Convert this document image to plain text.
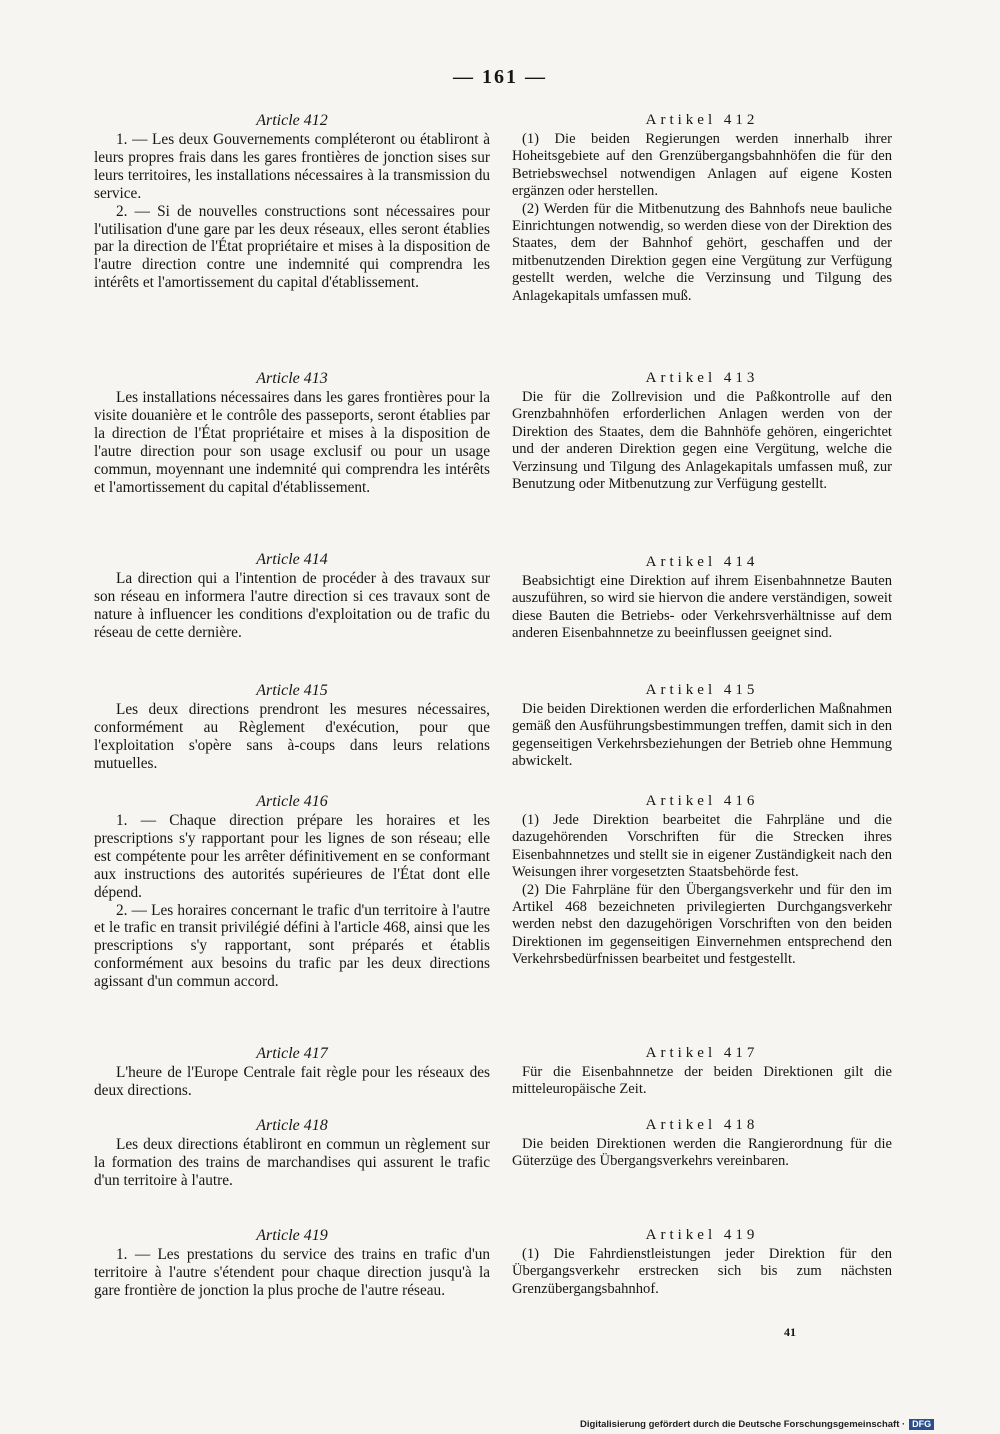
— 161 —

Article 412

1. — Les deux Gouvernements compléteront ou établiront à leurs propres frais dans les gares frontières de jonction sises sur leurs territoires, les installations nécessaires à la transmission du service.

2. — Si de nouvelles constructions sont nécessaires pour l'utilisation d'une gare par les deux réseaux, elles seront établies par la direction de l'État propriétaire et mises à la disposition de l'autre direction contre une indemnité qui comprendra les intérêts et l'amortissement du capital d'établissement.

Artikel 412

(1) Die beiden Regierungen werden innerhalb ihrer Hoheitsgebiete auf den Grenzübergangsbahnhöfen die für den Betriebswechsel notwendigen Anlagen auf eigene Kosten ergänzen oder herstellen.

(2) Werden für die Mitbenutzung des Bahnhofs neue bauliche Einrichtungen notwendig, so werden diese von der Direktion des Staates, dem der Bahnhof gehört, geschaffen und der mitbenutzenden Direktion gegen eine Vergütung zur Verfügung gestellt werden, welche die Verzinsung und Tilgung des Anlagekapitals umfassen muß.

Article 413

Les installations nécessaires dans les gares frontières pour la visite douanière et le contrôle des passeports, seront établies par la direction de l'État propriétaire et mises à la disposition de l'autre direction pour son usage exclusif ou pour un usage commun, moyennant une indemnité qui comprendra les intérêts et l'amortissement du capital d'établissement.

Article 414

La direction qui a l'intention de procéder à des travaux sur son réseau en informera l'autre direction si ces travaux sont de nature à influencer les conditions d'exploitation ou de trafic du réseau de cette dernière.

Article 415

Les deux directions prendront les mesures nécessaires, conformément au Règlement d'exécution, pour que l'exploitation s'opère sans à-coups dans leurs relations mutuelles.

Article 416

1. — Chaque direction prépare les horaires et les prescriptions s'y rapportant pour les lignes de son réseau; elle est compétente pour les arrêter définitivement en se conformant aux instructions des autorités supérieures de l'État dont elle dépend.

2. — Les horaires concernant le trafic d'un territoire à l'autre et le trafic en transit privilégié défini à l'article 468, ainsi que les prescriptions s'y rapportant, sont préparés et établis conformément aux besoins du trafic par les deux directions agissant d'un commun accord.

Article 417

L'heure de l'Europe Centrale fait règle pour les réseaux des deux directions.

Article 418

Les deux directions établiront en commun un règlement sur la formation des trains de marchandises qui assurent le trafic d'un territoire à l'autre.

Article 419

1. — Les prestations du service des trains en trafic d'un territoire à l'autre s'étendent pour chaque direction jusqu'à la gare frontière de jonction la plus proche de l'autre réseau.

Artikel 413

Die für die Zollrevision und die Paßkontrolle auf den Grenzbahnhöfen erforderlichen Anlagen werden von der Direktion des Staates, dem die Bahnhöfe gehören, eingerichtet und der anderen Direktion gegen eine Vergütung, welche die Verzinsung und Tilgung des Anlagekapitals umfassen muß, zur Benutzung oder Mitbenutzung zur Verfügung gestellt.

Artikel 414

Beabsichtigt eine Direktion auf ihrem Eisenbahnnetze Bauten auszuführen, so wird sie hiervon die andere verständigen, soweit diese Bauten die Betriebs- oder Verkehrsverhältnisse auf dem anderen Eisenbahnnetze zu beeinflussen geeignet sind.

Artikel 415

Die beiden Direktionen werden die erforderlichen Maßnahmen gemäß den Ausführungsbestimmungen treffen, damit sich in den gegenseitigen Verkehrsbeziehungen der Betrieb ohne Hemmung abwickelt.

Artikel 416

(1) Jede Direktion bearbeitet die Fahrpläne und die dazugehörenden Vorschriften für die Strecken ihres Eisenbahnnetzes und stellt sie in eigener Zuständigkeit nach den Weisungen ihrer vorgesetzten Staatsbehörde fest.

(2) Die Fahrpläne für den Übergangsverkehr und für den im Artikel 468 bezeichneten privilegierten Durchgangsverkehr werden nebst den dazugehörigen Vorschriften von den beiden Direktionen im gegenseitigen Einvernehmen entsprechend den Verkehrsbedürfnissen bearbeitet und festgestellt.

Artikel 417

Für die Eisenbahnnetze der beiden Direktionen gilt die mitteleuropäische Zeit.

Artikel 418

Die beiden Direktionen werden die Rangierordnung für die Güterzüge des Übergangsverkehrs vereinbaren.

Artikel 419

(1) Die Fahrdienstleistungen jeder Direktion für den Übergangsverkehr erstrecken sich bis zum nächsten Grenzübergangsbahnhof.

41
Digitalisierung gefördert durch die Deutsche Forschungsgemeinschaft · DFG
